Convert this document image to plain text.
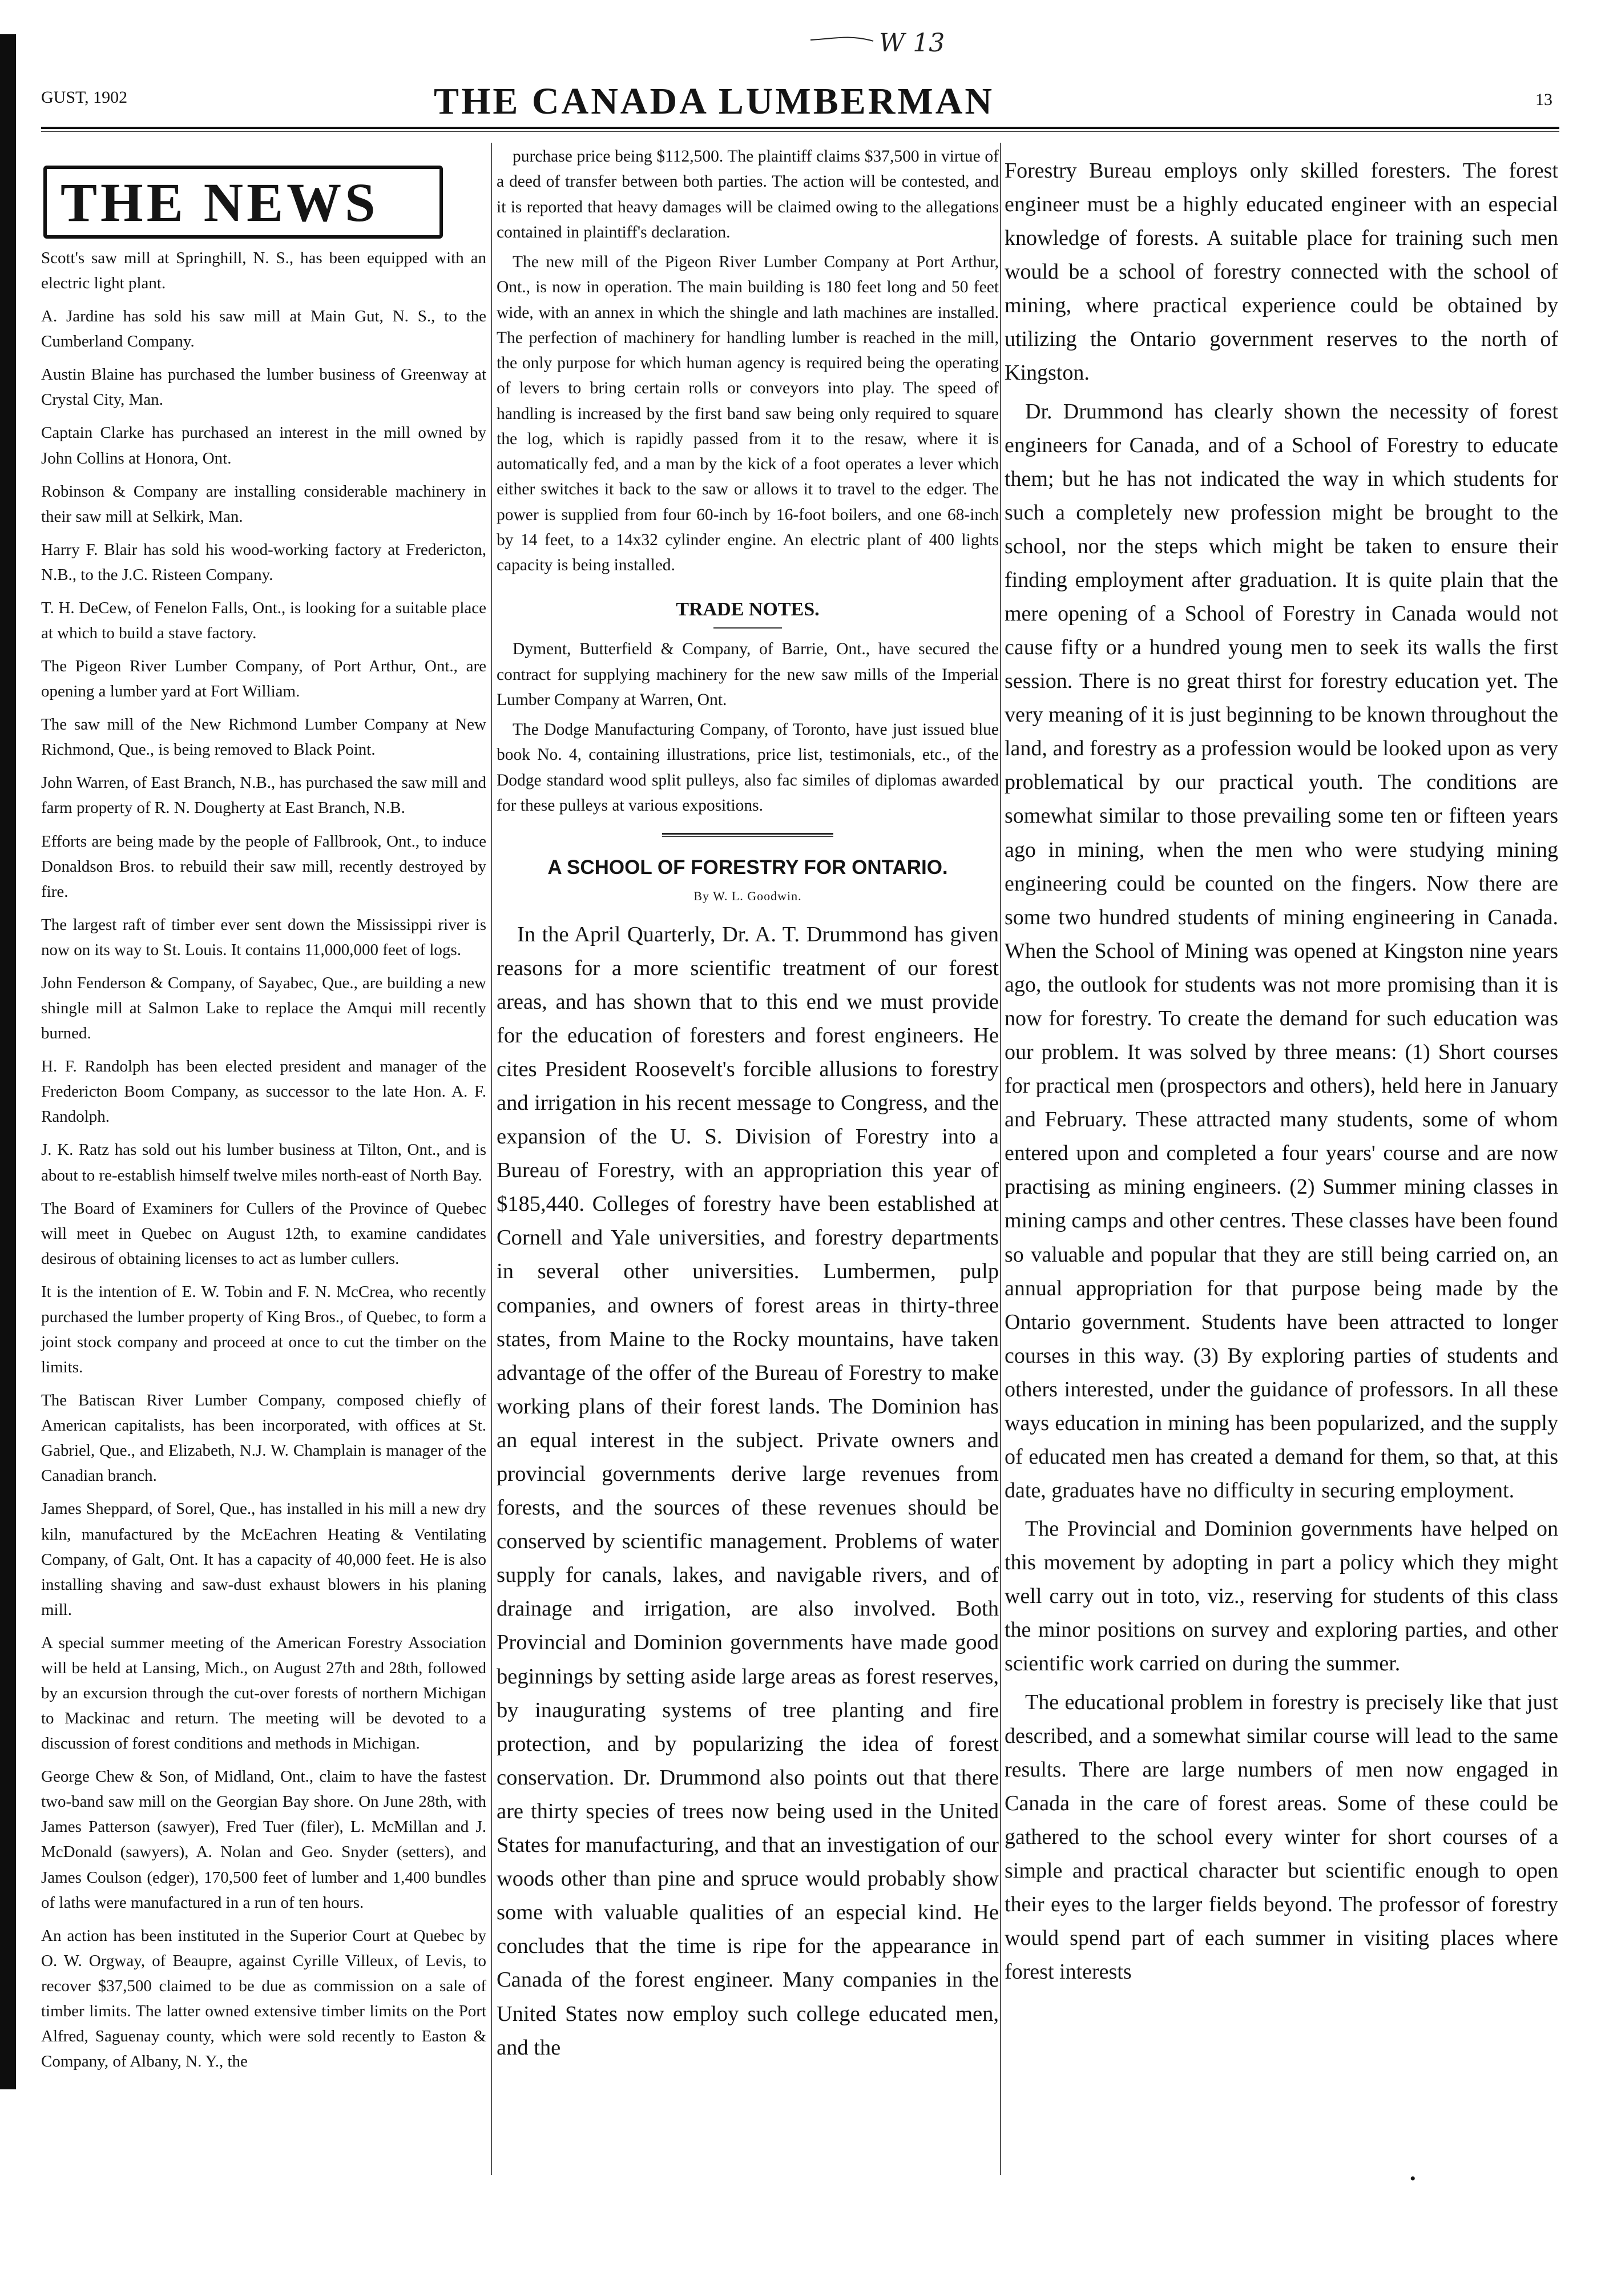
W 13
GUST, 1902	THE CANADA LUMBERMAN	13
THE NEWS

Scott's saw mill at Springhill, N. S., has been equipped with an electric light plant.

A. Jardine has sold his saw mill at Main Gut, N. S., to the Cumberland Company.

Austin Blaine has purchased the lumber business of Greenway at Crystal City, Man.

Captain Clarke has purchased an interest in the mill owned by John Collins at Honora, Ont.

Robinson & Company are installing considerable machinery in their saw mill at Selkirk, Man.

Harry F. Blair has sold his wood-working factory at Fredericton, N.B., to the J.C. Risteen Company.

T. H. DeCew, of Fenelon Falls, Ont., is looking for a suitable place at which to build a stave factory.

The Pigeon River Lumber Company, of Port Arthur, Ont., are opening a lumber yard at Fort William.

The saw mill of the New Richmond Lumber Company at New Richmond, Que., is being removed to Black Point.

John Warren, of East Branch, N.B., has purchased the saw mill and farm property of R. N. Dougherty at East Branch, N.B.

Efforts are being made by the people of Fallbrook, Ont., to induce Donaldson Bros. to rebuild their saw mill, recently destroyed by fire.

The largest raft of timber ever sent down the Mississippi river is now on its way to St. Louis. It contains 11,000,000 feet of logs.

John Fenderson & Company, of Sayabec, Que., are building a new shingle mill at Salmon Lake to replace the Amqui mill recently burned.

H. F. Randolph has been elected president and manager of the Fredericton Boom Company, as successor to the late Hon. A. F. Randolph.

J. K. Ratz has sold out his lumber business at Tilton, Ont., and is about to re-establish himself twelve miles north-east of North Bay.

The Board of Examiners for Cullers of the Province of Quebec will meet in Quebec on August 12th, to examine candidates desirous of obtaining licenses to act as lumber cullers.

It is the intention of E. W. Tobin and F. N. McCrea, who recently purchased the lumber property of King Bros., of Quebec, to form a joint stock company and proceed at once to cut the timber on the limits.

The Batiscan River Lumber Company, composed chiefly of American capitalists, has been incorporated, with offices at St. Gabriel, Que., and Elizabeth, N.J. W. Champlain is manager of the Canadian branch.

James Sheppard, of Sorel, Que., has installed in his mill a new dry kiln, manufactured by the McEachren Heating & Ventilating Company, of Galt, Ont. It has a capacity of 40,000 feet. He is also installing shaving and saw-dust exhaust blowers in his planing mill.

A special summer meeting of the American Forestry Association will be held at Lansing, Mich., on August 27th and 28th, followed by an excursion through the cut-over forests of northern Michigan to Mackinac and return. The meeting will be devoted to a discussion of forest conditions and methods in Michigan.

George Chew & Son, of Midland, Ont., claim to have the fastest two-band saw mill on the Georgian Bay shore. On June 28th, with James Patterson (sawyer), Fred Tuer (filer), L. McMillan and J. McDonald (sawyers), A. Nolan and Geo. Snyder (setters), and James Coulson (edger), 170,500 feet of lumber and 1,400 bundles of laths were manufactured in a run of ten hours.

An action has been instituted in the Superior Court at Quebec by O. W. Orgway, of Beauprе, against Cyrille Villeux, of Levis, to recover $37,500 claimed to be due as commission on a sale of timber limits. The latter owned extensive timber limits on the Port Alfred, Saguenay county, which were sold recently to Easton & Company, of Albany, N. Y., the

purchase price being $112,500. The plaintiff claims $37,500 in virtue of a deed of transfer between both parties. The action will be contested, and it is reported that heavy damages will be claimed owing to the allegations contained in plaintiff's declaration.

The new mill of the Pigeon River Lumber Company at Port Arthur, Ont., is now in operation. The main building is 180 feet long and 50 feet wide, with an annex in which the shingle and lath machines are installed. The perfection of machinery for handling lumber is reached in the mill, the only purpose for which human agency is required being the operating of levers to bring certain rolls or conveyors into play. The speed of handling is increased by the first band saw being only required to square the log, which is rapidly passed from it to the resaw, where it is automatically fed, and a man by the kick of a foot operates a lever which either switches it back to the saw or allows it to travel to the edger. The power is supplied from four 60-inch by 16-foot boilers, and one 68-inch by 14 feet, to a 14x32 cylinder engine. An electric plant of 400 lights capacity is being installed.

TRADE NOTES.

Dyment, Butterfield & Company, of Barrie, Ont., have secured the contract for supplying machinery for the new saw mills of the Imperial Lumber Company at Warren, Ont.

The Dodge Manufacturing Company, of Toronto, have just issued blue book No. 4, containing illustrations, price list, testimonials, etc., of the Dodge standard wood split pulleys, also fac similes of diplomas awarded for these pulleys at various expositions.

A SCHOOL OF FORESTRY FOR ONTARIO.
By W. L. Goodwin.

In the April Quarterly, Dr. A. T. Drummond has given reasons for a more scientific treatment of our forest areas, and has shown that to this end we must provide for the education of foresters and forest engineers. He cites President Roosevelt's forcible allusions to forestry and irrigation in his recent message to Congress, and the expansion of the U. S. Division of Forestry into a Bureau of Forestry, with an appropriation this year of $185,440. Colleges of forestry have been established at Cornell and Yale universities, and forestry departments in several other universities. Lumbermen, pulp companies, and owners of forest areas in thirty-three states, from Maine to the Rocky mountains, have taken advantage of the offer of the Bureau of Forestry to make working plans of their forest lands. The Dominion has an equal interest in the subject. Private owners and provincial governments derive large revenues from forests, and the sources of these revenues should be conserved by scientific management. Problems of water supply for canals, lakes, and navigable rivers, and of drainage and irrigation, are also involved. Both Provincial and Dominion governments have made good beginnings by setting aside large areas as forest reserves, by inaugurating systems of tree planting and fire protection, and by popularizing the idea of forest conservation. Dr. Drummond also points out that there are thirty species of trees now being used in the United States for manufacturing, and that an investigation of our woods other than pine and spruce would probably show some with valuable qualities of an especial kind. He concludes that the time is ripe for the appearance in Canada of the forest engineer. Many companies in the United States now employ such college educated men, and the

Forestry Bureau employs only skilled foresters. The forest engineer must be a highly educated engineer with an especial knowledge of forests. A suitable place for training such men would be a school of forestry connected with the school of mining, where practical experience could be obtained by utilizing the Ontario government reserves to the north of Kingston.

Dr. Drummond has clearly shown the necessity of forest engineers for Canada, and of a School of Forestry to educate them; but he has not indicated the way in which students for such a completely new profession might be brought to the school, nor the steps which might be taken to ensure their finding employment after graduation. It is quite plain that the mere opening of a School of Forestry in Canada would not cause fifty or a hundred young men to seek its walls the first session. There is no great thirst for forestry education yet. The very meaning of it is just beginning to be known throughout the land, and forestry as a profession would be looked upon as very problematical by our practical youth. The conditions are somewhat similar to those prevailing some ten or fifteen years ago in mining, when the men who were studying mining engineering could be counted on the fingers. Now there are some two hundred students of mining engineering in Canada. When the School of Mining was opened at Kingston nine years ago, the outlook for students was not more promising than it is now for forestry. To create the demand for such education was our problem. It was solved by three means: (1) Short courses for practical men (prospectors and others), held here in January and February. These attracted many students, some of whom entered upon and completed a four years' course and are now practising as mining engineers. (2) Summer mining classes in mining camps and other centres. These classes have been found so valuable and popular that they are still being carried on, an annual appropriation for that purpose being made by the Ontario government. Students have been attracted to longer courses in this way. (3) By exploring parties of students and others interested, under the guidance of professors. In all these ways education in mining has been popularized, and the supply of educated men has created a demand for them, so that, at this date, graduates have no difficulty in securing employment.

The Provincial and Dominion governments have helped on this movement by adopting in part a policy which they might well carry out in toto, viz., reserving for students of this class the minor positions on survey and exploring parties, and other scientific work carried on during the summer.

The educational problem in forestry is precisely like that just described, and a somewhat similar course will lead to the same results. There are large numbers of men now engaged in Canada in the care of forest areas. Some of these could be gathered to the school every winter for short courses of a simple and practical character but scientific enough to open their eyes to the larger fields beyond. The professor of forestry would spend part of each summer in visiting places where forest interests

•
